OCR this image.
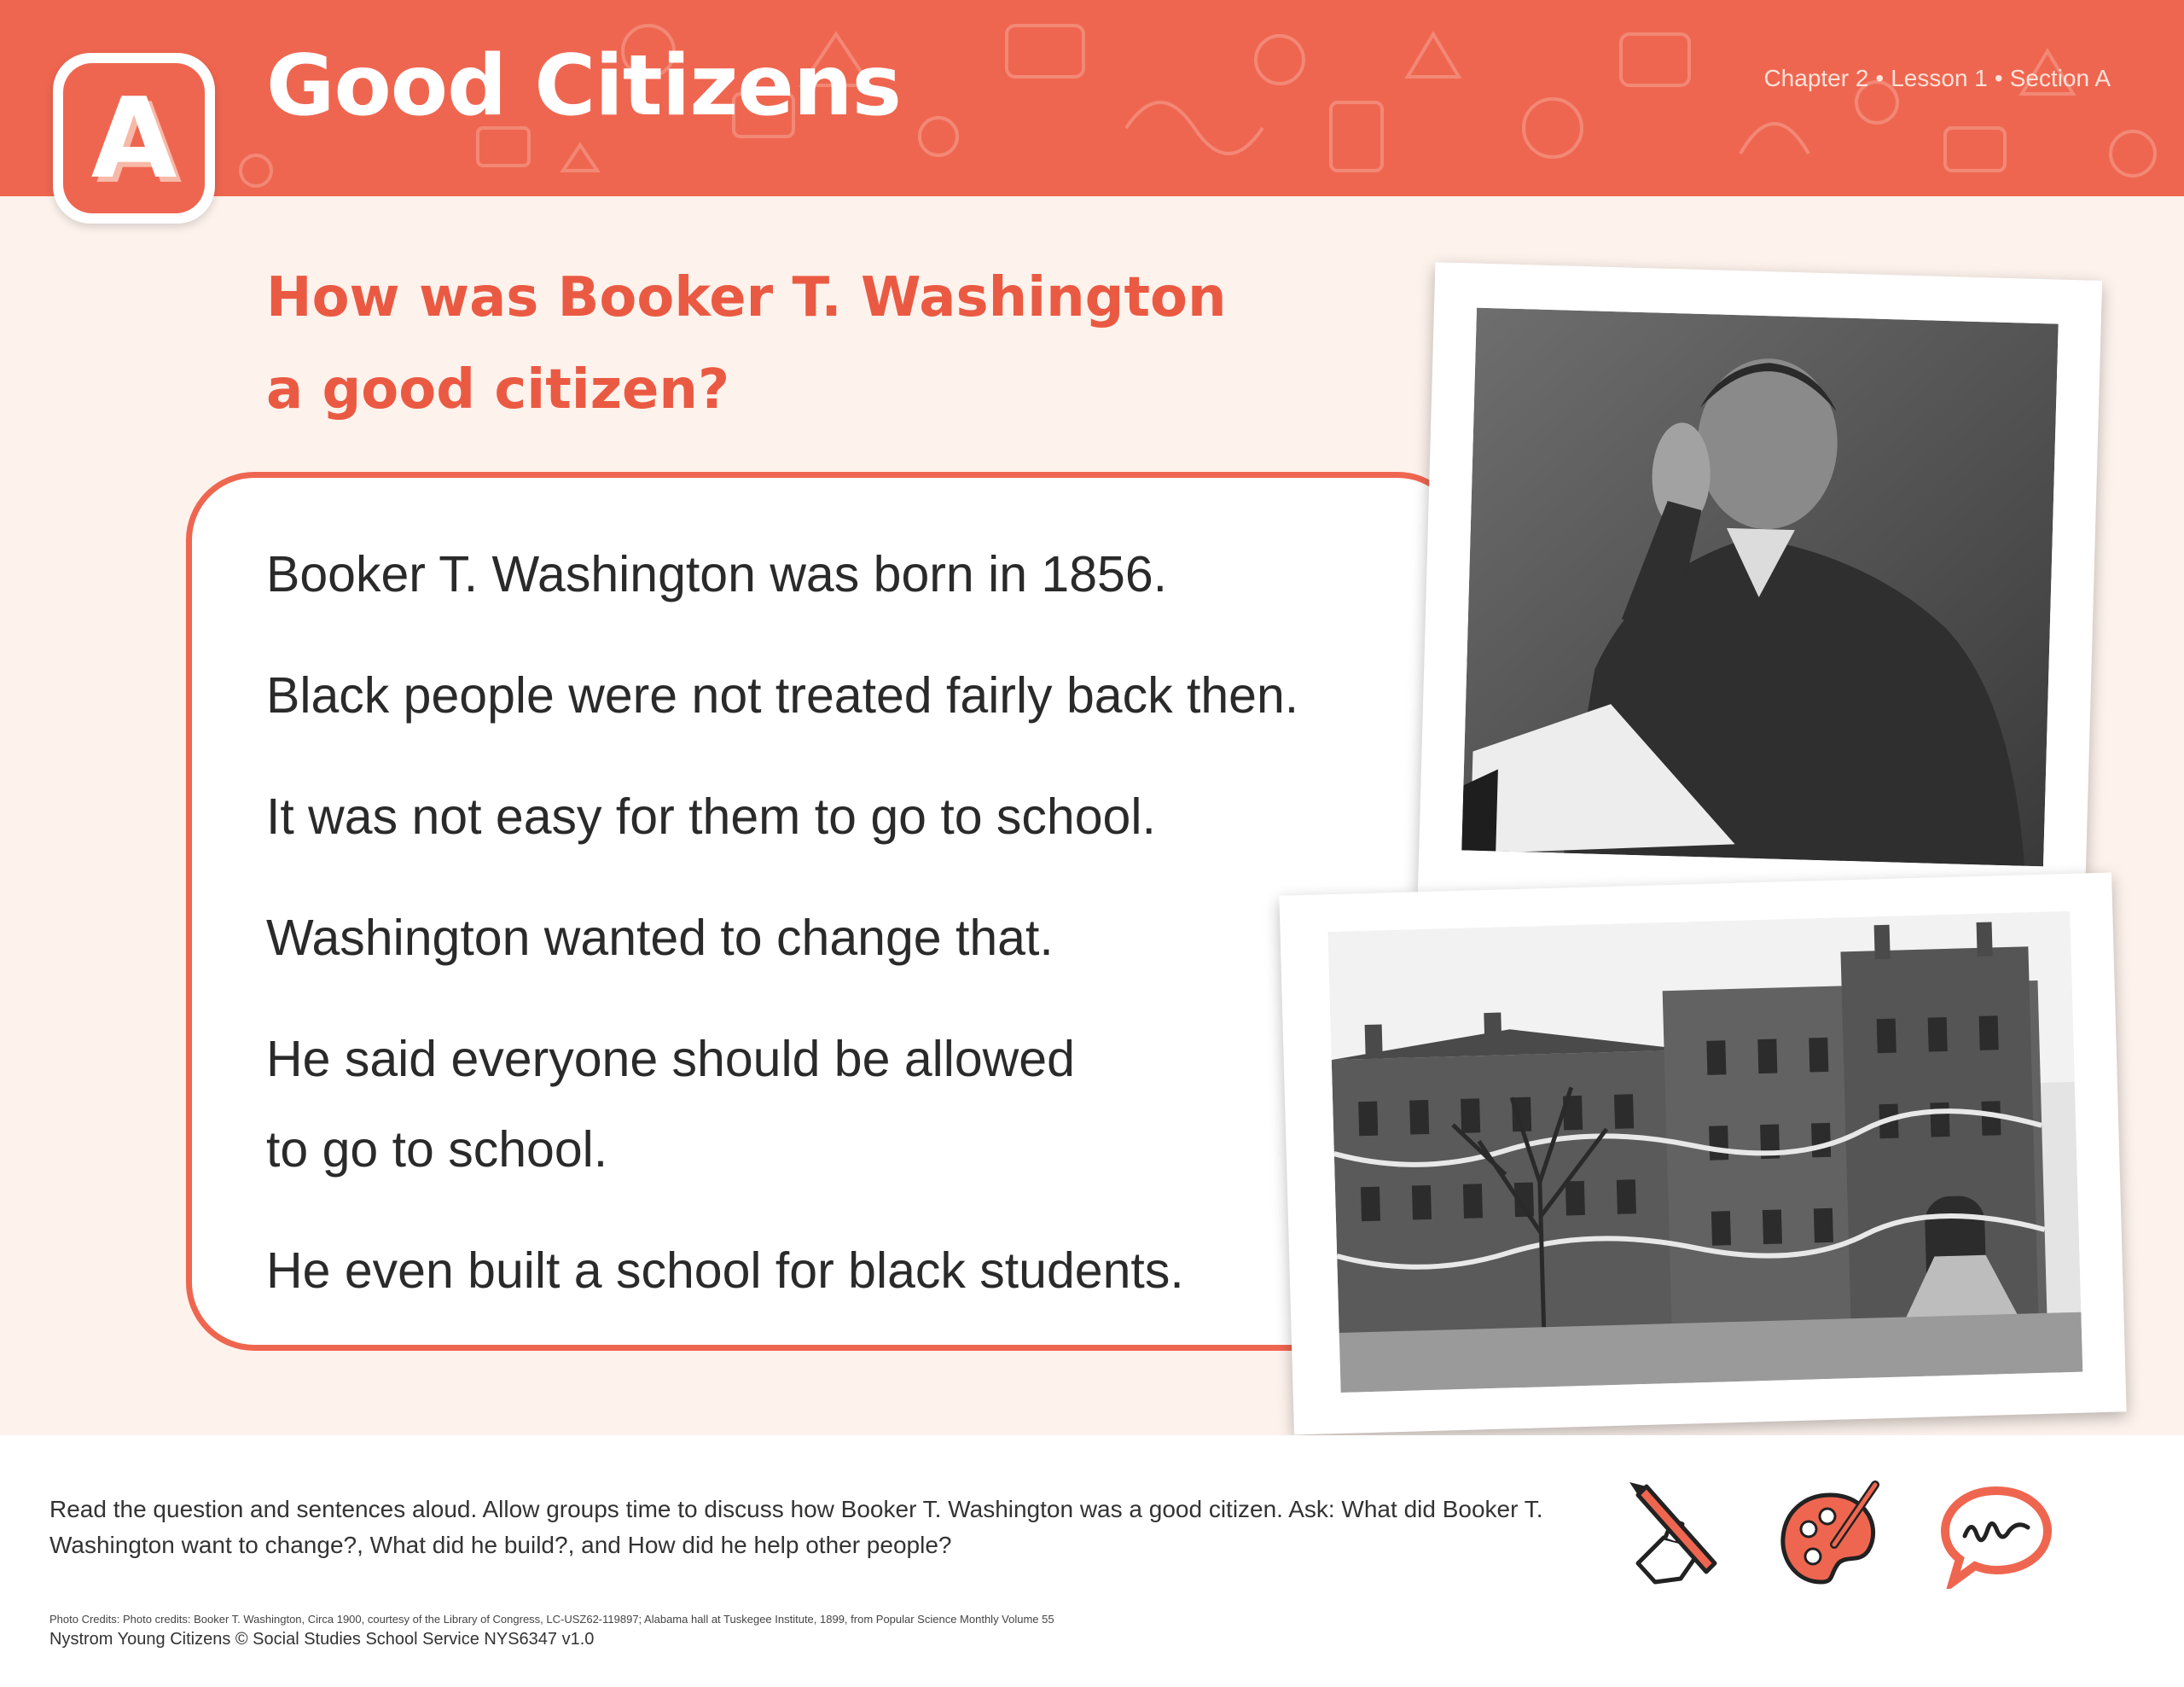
Chapter 2 • Lesson 1 • Section A
Good Citizens
A
How was Booker T. Washington
a good citizen?

Booker T. Washington was born in 1856.

Black people were not treated fairly back then.

It was not easy for them to go to school.

Washington wanted to change that.

He said everyone should be allowed

to go to school.

He even built a school for black students.

Read the question and sentences aloud. Allow groups time to discuss how Booker T. Washington was a good citizen. Ask: What did Booker T. Washington want to change?, What did he build?, and How did he help other people?
Photo Credits: Photo credits: Booker T. Washington, Circa 1900, courtesy of the Library of Congress, LC-USZ62-119897; Alabama hall at Tuskegee Institute, 1899, from Popular Science Monthly Volume 55
Nystrom Young Citizens © Social Studies School Service NYS6347 v1.0
